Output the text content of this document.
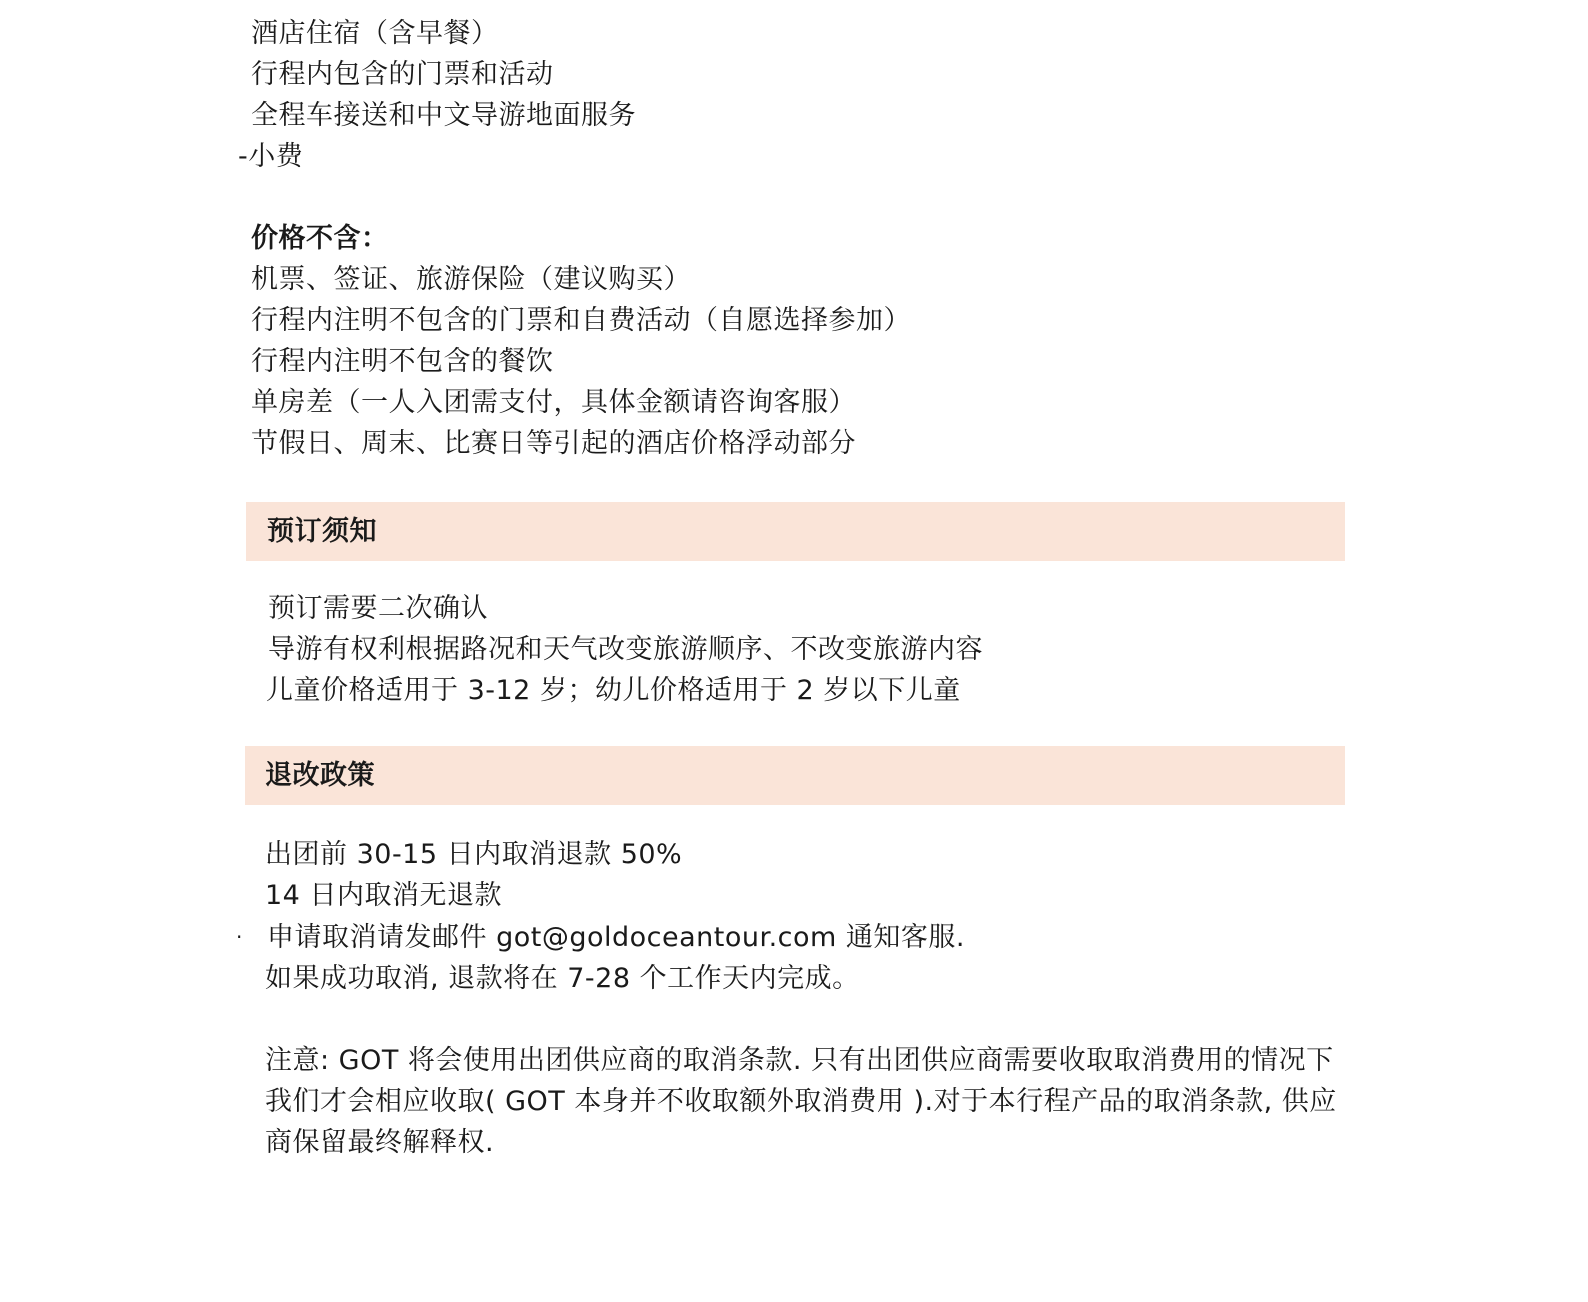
酒店住宿（含早餐）
行程内包含的门票和活动
全程车接送和中文导游地面服务
-小费
价格不含：
机票、签证、旅游保险（建议购买）
行程内注明不包含的门票和自费活动（自愿选择参加）
行程内注明不包含的餐饮
单房差（一人入团需支付，具体金额请咨询客服）
节假日、周末、比赛日等引起的酒店价格浮动部分
预订须知
预订需要二次确认
导游有权利根据路况和天气改变旅游顺序、不改变旅游内容
儿童价格适用于 3-12 岁；幼儿价格适用于 2 岁以下儿童
退改政策
出团前 30-15 日内取消退款 50%
14 日内取消无退款
· 申请取消请发邮件 got@goldoceantour.com 通知客服.
如果成功取消, 退款将在 7-28 个工作天内完成。
注意: GOT 将会使用出团供应商的取消条款. 只有出团供应商需要收取取消费用的情况下
我们才会相应收取( GOT 本身并不收取额外取消费用 ).对于本行程产品的取消条款, 供应
商保留最终解释权.
